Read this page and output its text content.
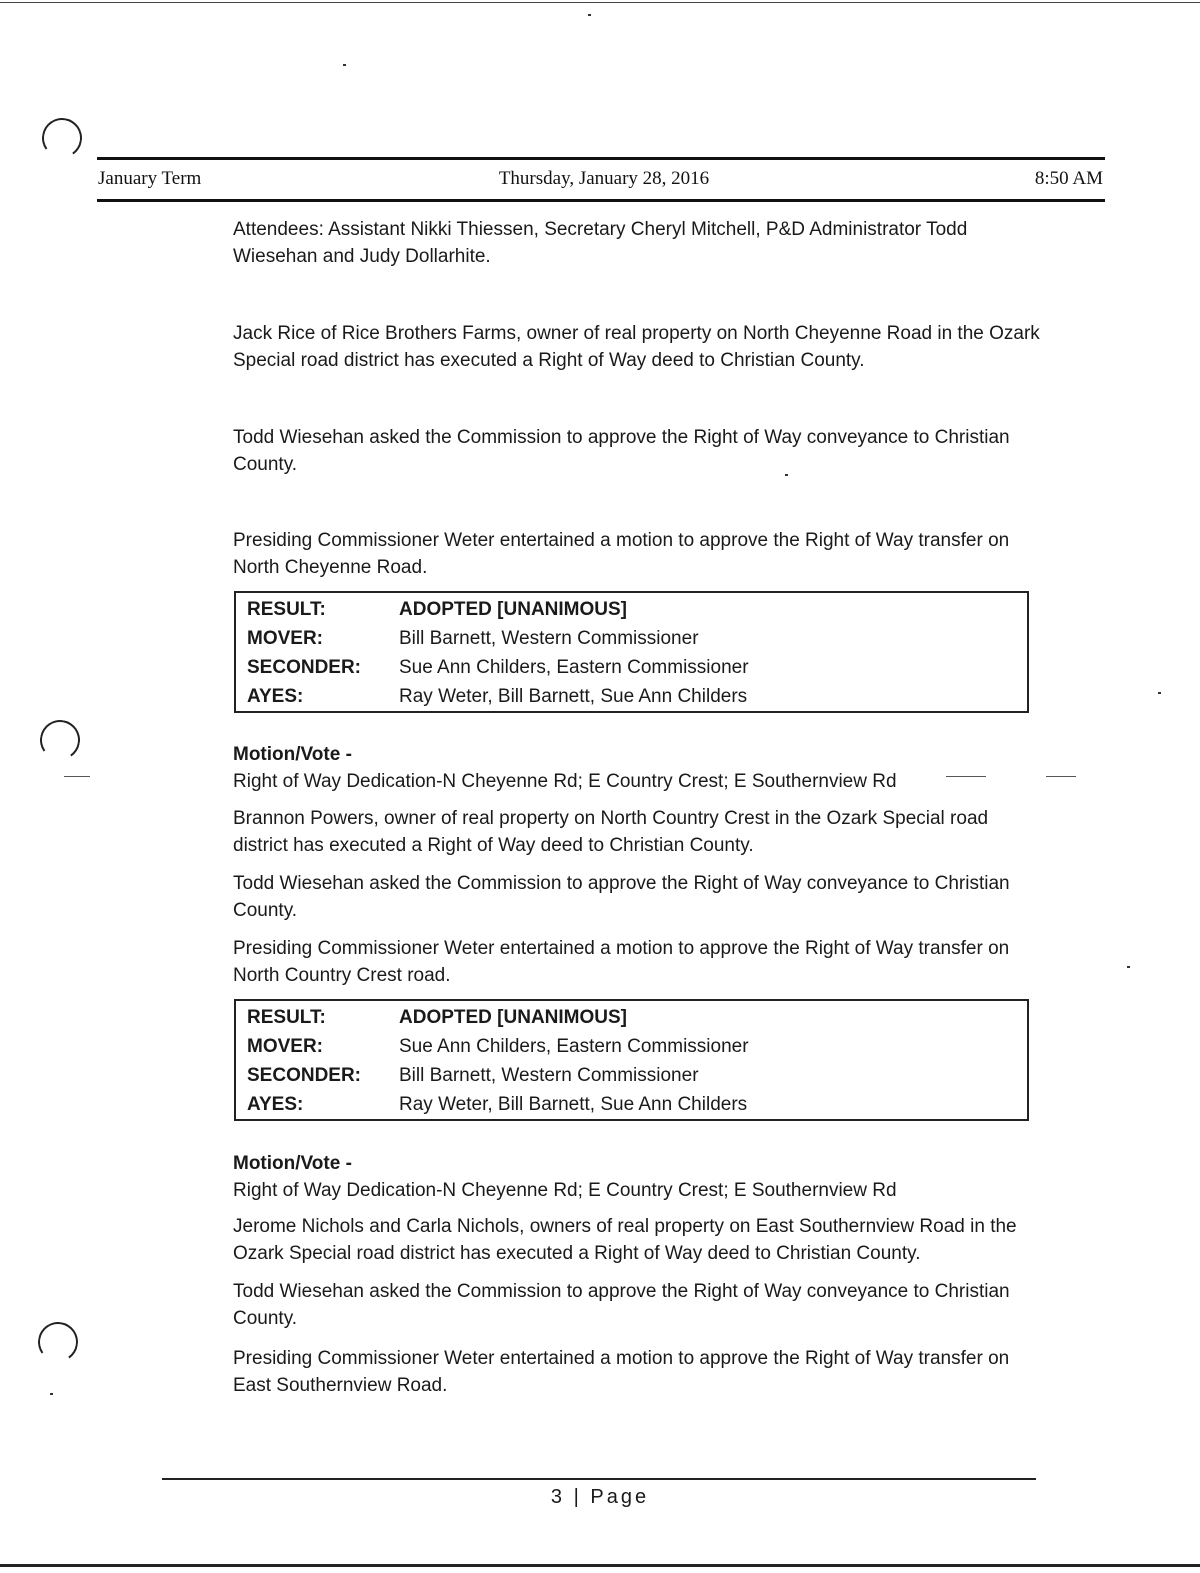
January Term	Thursday, January 28, 2016	8:50 AM

Attendees: Assistant Nikki Thiessen, Secretary Cheryl Mitchell, P&D Administrator Todd Wiesehan and Judy Dollarhite.

Jack Rice of Rice Brothers Farms, owner of real property on North Cheyenne Road in the Ozark Special road district has executed a Right of Way deed to Christian County.

Todd Wiesehan asked the Commission to approve the Right of Way conveyance to Christian County.

Presiding Commissioner Weter entertained a motion to approve the Right of Way transfer on North Cheyenne Road.

RESULT:	ADOPTED [UNANIMOUS]
MOVER:	Bill Barnett, Western Commissioner
SECONDER:	Sue Ann Childers, Eastern Commissioner
AYES:	Ray Weter, Bill Barnett, Sue Ann Childers

Motion/Vote -

Right of Way Dedication-N Cheyenne Rd; E Country Crest; E Southernview Rd

Brannon Powers, owner of real property on North Country Crest in the Ozark Special road district has executed a Right of Way deed to Christian County.

Todd Wiesehan asked the Commission to approve the Right of Way conveyance to Christian County.

Presiding Commissioner Weter entertained a motion to approve the Right of Way transfer on North Country Crest road.

RESULT:	ADOPTED [UNANIMOUS]
MOVER:	Sue Ann Childers, Eastern Commissioner
SECONDER:	Bill Barnett, Western Commissioner
AYES:	Ray Weter, Bill Barnett, Sue Ann Childers

Motion/Vote -

Right of Way Dedication-N Cheyenne Rd; E Country Crest; E Southernview Rd

Jerome Nichols and Carla Nichols, owners of real property on East Southernview Road in the Ozark Special road district has executed a Right of Way deed to Christian County.

Todd Wiesehan asked the Commission to approve the Right of Way conveyance to Christian County.

Presiding Commissioner Weter entertained a motion to approve the Right of Way transfer on East Southernview Road.

3 | Page
